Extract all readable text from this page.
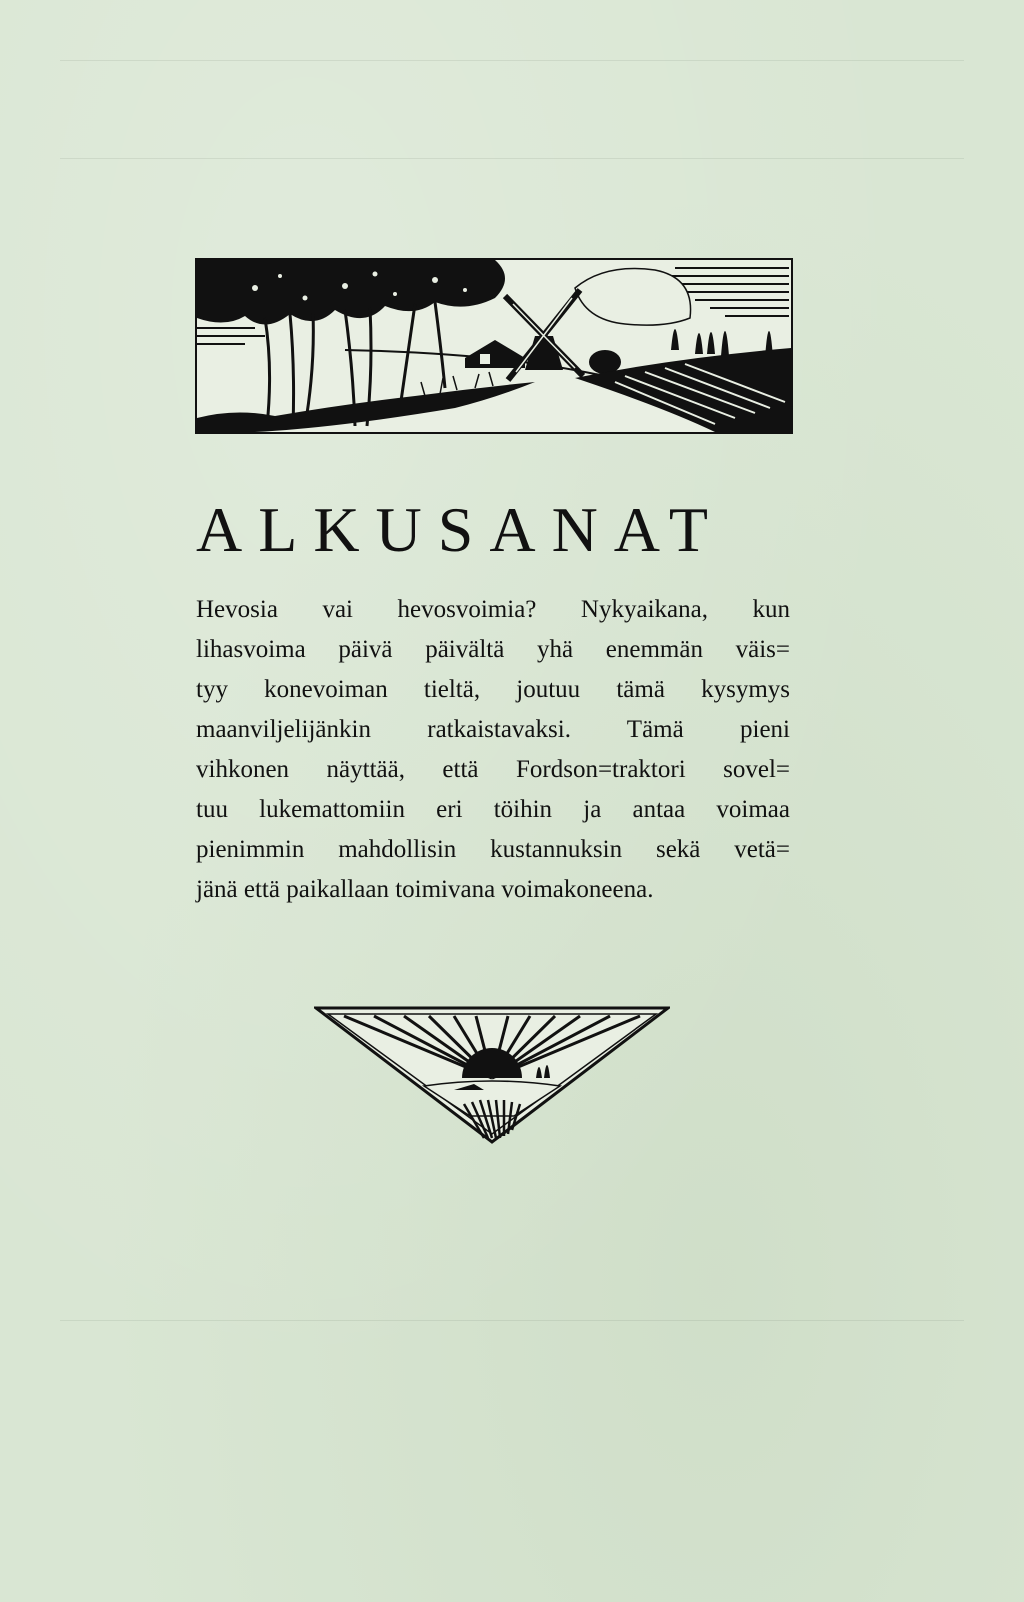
ALKUSANAT
Hevosia vai hevosvoimia? Nykyaikana, kun
lihasvoima päivä päivältä yhä enemmän väis=
tyy konevoiman tieltä, joutuu tämä kysymys
maanviljelijänkin ratkaistavaksi. Tämä pieni
vihkonen näyttää, että Fordson=traktori sovel=
tuu lukemattomiin eri töihin ja antaa voimaa
pienimmin mahdollisin kustannuksin sekä vetä=
jänä että paikallaan toimivana voimakoneena.
